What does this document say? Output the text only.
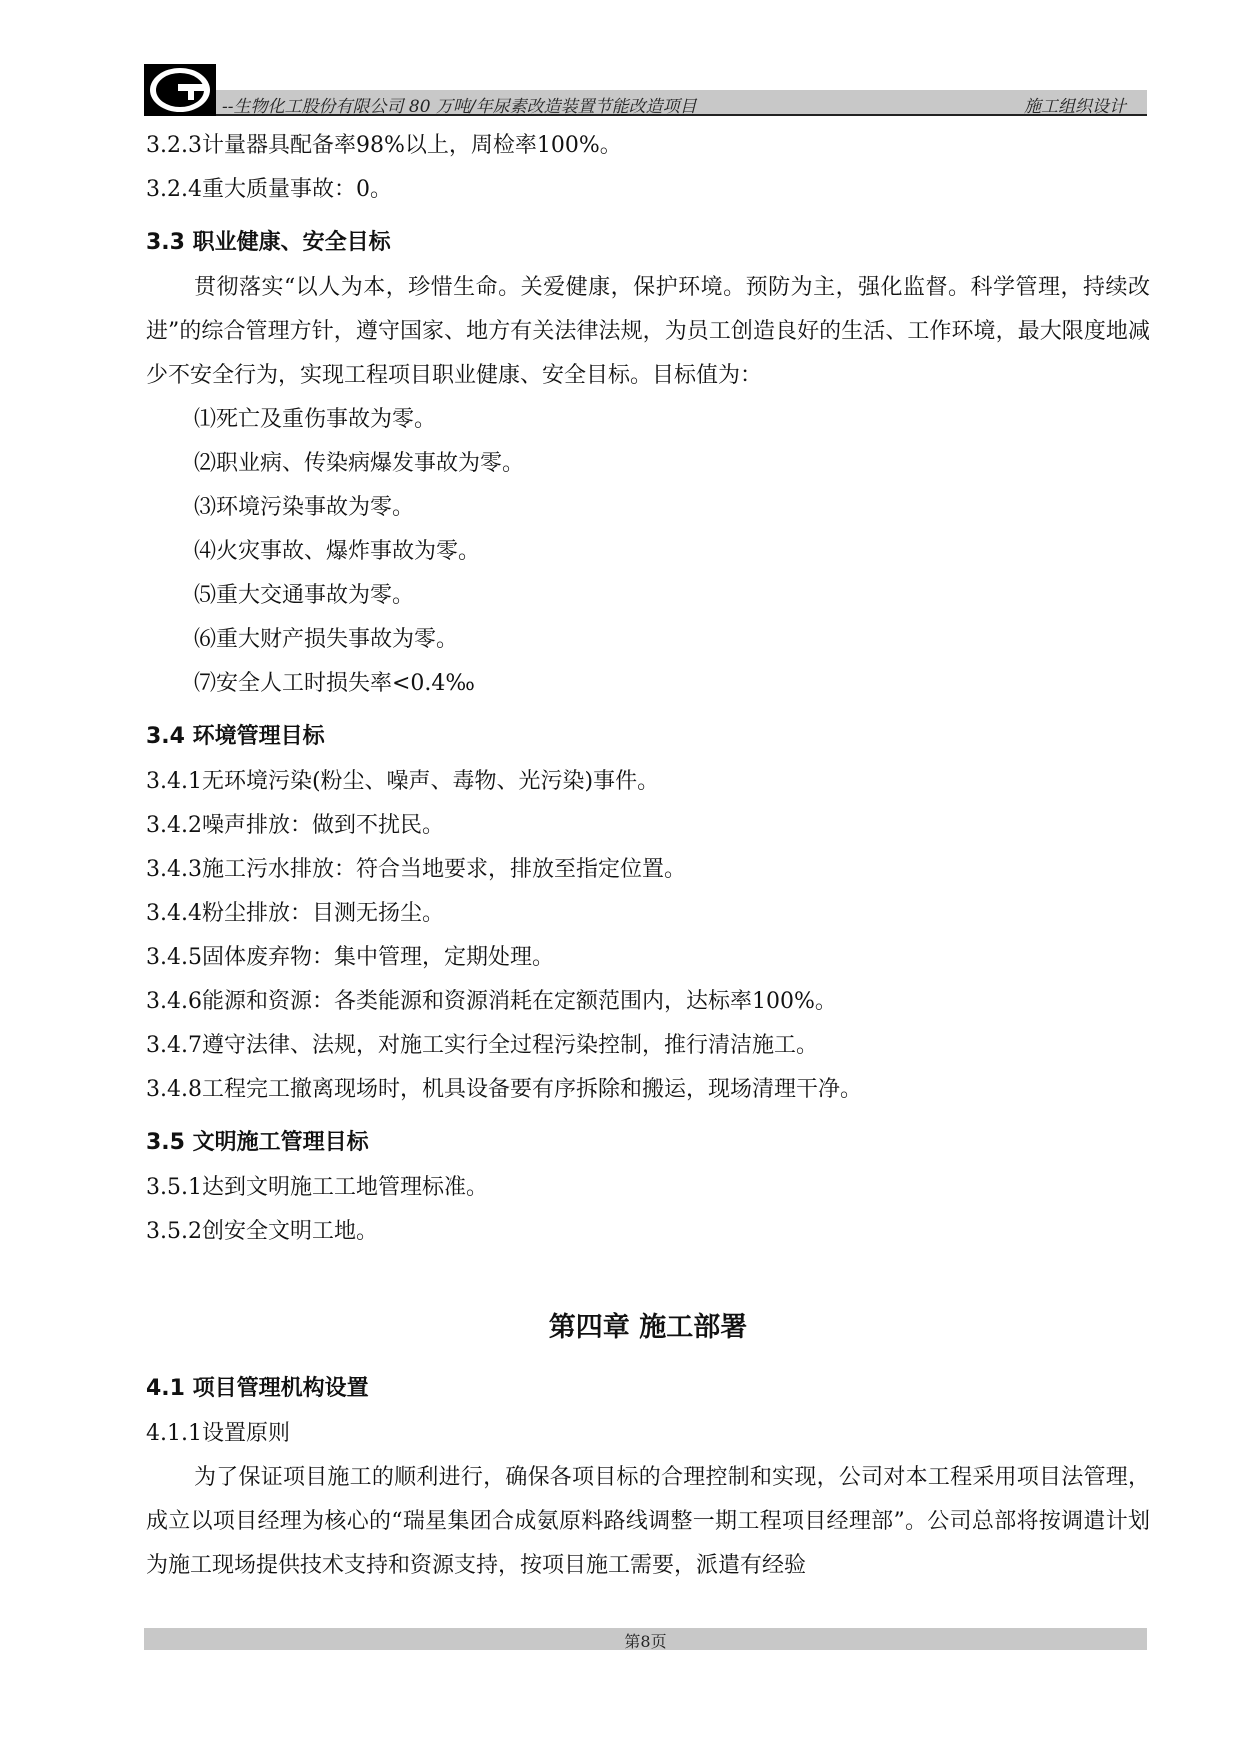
--生物化工股份有限公司 80 万吨/年尿素改造装置节能改造项目	施工组织设计
3.2.3计量器具配备率98%以上，周检率100%。
3.2.4重大质量事故：0。
3.3 职业健康、安全目标
贯彻落实“以人为本，珍惜生命。关爱健康，保护环境。预防为主，强化监督。科学管理，持续改进”的综合管理方针，遵守国家、地方有关法律法规，为员工创造良好的生活、工作环境，最大限度地减少不安全行为，实现工程项目职业健康、安全目标。目标值为：
⑴死亡及重伤事故为零。
⑵职业病、传染病爆发事故为零。
⑶环境污染事故为零。
⑷火灾事故、爆炸事故为零。
⑸重大交通事故为零。
⑹重大财产损失事故为零。
⑺安全人工时损失率<0.4‰
3.4 环境管理目标
3.4.1无环境污染(粉尘、噪声、毒物、光污染)事件。
3.4.2噪声排放：做到不扰民。
3.4.3施工污水排放：符合当地要求，排放至指定位置。
3.4.4粉尘排放：目测无扬尘。
3.4.5固体废弃物：集中管理，定期处理。
3.4.6能源和资源：各类能源和资源消耗在定额范围内，达标率100%。
3.4.7遵守法律、法规，对施工实行全过程污染控制，推行清洁施工。
3.4.8工程完工撤离现场时，机具设备要有序拆除和搬运，现场清理干净。
3.5 文明施工管理目标
3.5.1达到文明施工工地管理标准。
3.5.2创安全文明工地。
第四章 施工部署
4.1 项目管理机构设置
4.1.1设置原则
为了保证项目施工的顺利进行，确保各项目标的合理控制和实现，公司对本工程采用项目法管理，成立以项目经理为核心的“瑞星集团合成氨原料路线调整一期工程项目经理部”。公司总部将按调遣计划为施工现场提供技术支持和资源支持，按项目施工需要，派遣有经验
第8页
